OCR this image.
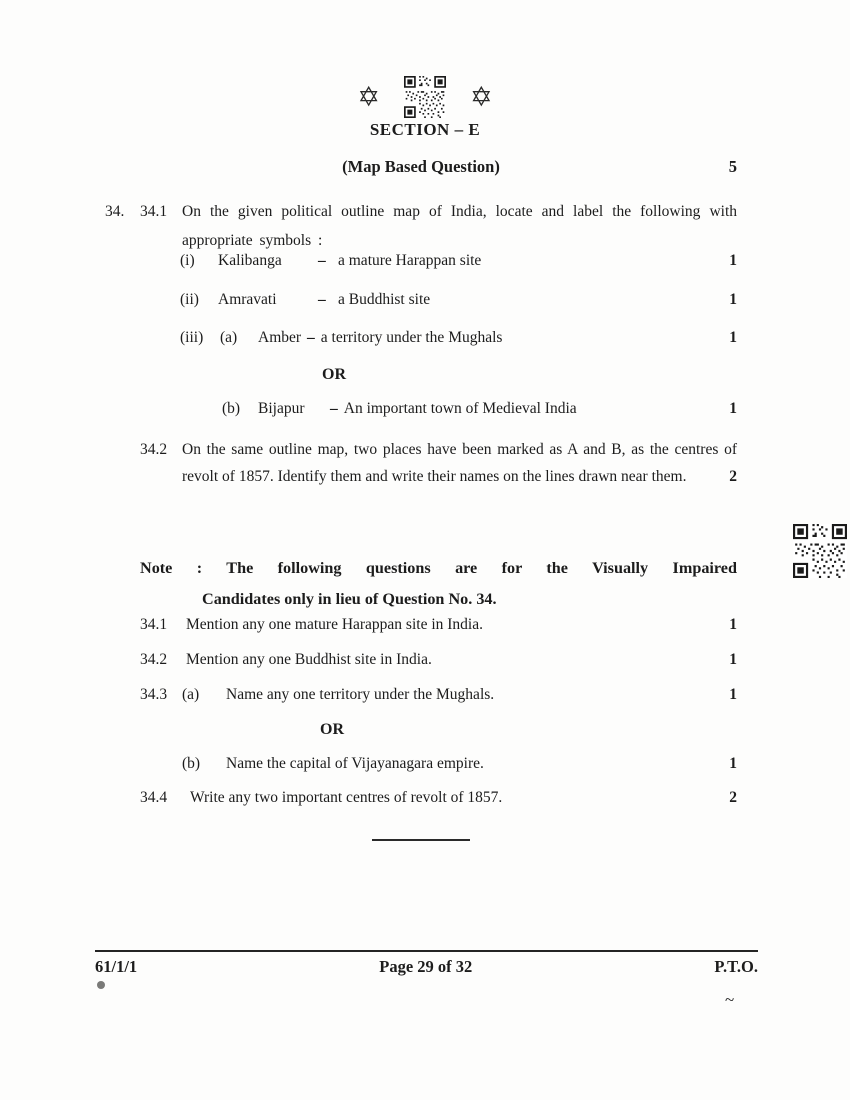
✡	✡
SECTION – E
(Map Based Question)	5
34.	34.1 On the given political outline map of India, locate and label the following with appropriate symbols :
(i)	Kalibanga	– a mature Harappan site	1
(ii)	Amravati	– a Buddhist site	1
(iii)	(a)	Amber – a territory under the Mughals	1
OR
(b)	Bijapur	– An important town of Medieval India	1
34.2 On the same outline map, two places have been marked as A and B, as the centres of revolt of 1857. Identify them and write their names on the lines drawn near them.	2
Note : The following questions are for the Visually Impaired
Candidates only in lieu of Question No. 34.
34.1	Mention any one mature Harappan site in India.	1
34.2	Mention any one Buddhist site in India.	1
34.3 (a)	Name any one territory under the Mughals.	1
OR
(b)	Name the capital of Vijayanagara empire.	1
34.4	Write any two important centres of revolt of 1857.	2
61/1/1	Page 29 of 32	P.T.O.
~
